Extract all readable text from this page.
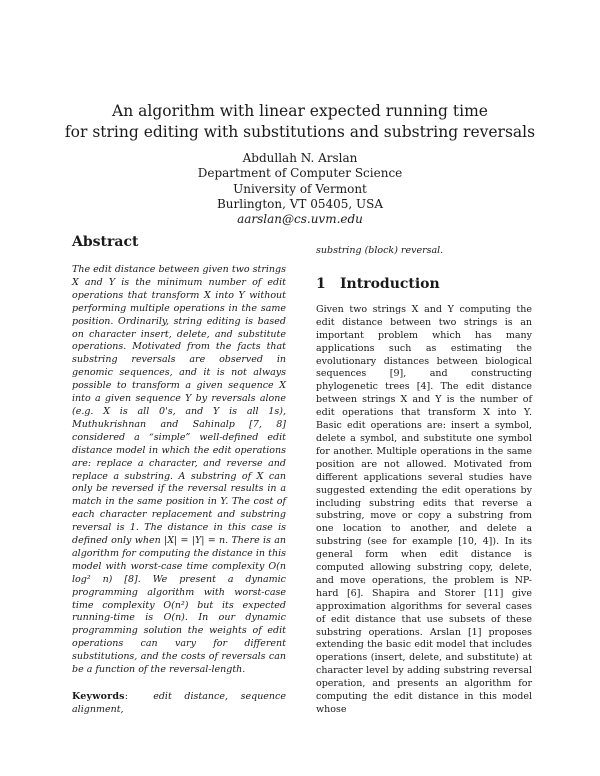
An algorithm with linear expected running time
for string editing with substitutions and substring reversals
Abdullah N. Arslan
Department of Computer Science
University of Vermont
Burlington, VT 05405, USA
aarslan@cs.uvm.edu
Abstract

The edit distance between given two strings X and Y is the minimum number of edit operations that transform X into Y without performing multiple operations in the same position. Ordinarily, string editing is based on character insert, delete, and substitute operations. Motivated from the facts that substring reversals are observed in genomic sequences, and it is not always possible to transform a given sequence X into a given sequence Y by reversals alone (e.g. X is all 0's, and Y is all 1s), Muthukrishnan and Sahinalp [7, 8] considered a “simple” well-defined edit distance model in which the edit operations are: replace a character, and reverse and replace a substring. A substring of X can only be reversed if the reversal results in a match in the same position in Y. The cost of each character replacement and substring reversal is 1. The distance in this case is defined only when |X| = |Y| = n. There is an algorithm for computing the distance in this model with worst-case time complexity O(n log² n) [8]. We present a dynamic programming algorithm with worst-case time complexity O(n²) but its expected running-time is O(n). In our dynamic programming solution the weights of edit operations can vary for different substitutions, and the costs of reversals can be a function of the reversal-length.

Keywords:  edit distance, sequence alignment,

substring (block) reversal.

1	Introduction

Given two strings X and Y computing the edit distance between two strings is an important problem which has many applications such as estimating the evolutionary distances between biological sequences [9], and constructing phylogenetic trees [4]. The edit distance between strings X and Y is the number of edit operations that transform X into Y. Basic edit operations are: insert a symbol, delete a symbol, and substitute one symbol for another. Multiple operations in the same position are not allowed. Motivated from different applications several studies have suggested extending the edit operations by including substring edits that reverse a substring, move or copy a substring from one location to another, and delete a substring (see for example [10, 4]). In its general form when edit distance is computed allowing substring copy, delete, and move operations, the problem is NP-hard [6]. Shapira and Storer [11] give approximation algorithms for several cases of edit distance that use subsets of these substring operations. Arslan [1] proposes extending the basic edit model that includes operations (insert, delete, and substitute) at character level by adding substring reversal operation, and presents an algorithm for computing the edit distance in this model whose
